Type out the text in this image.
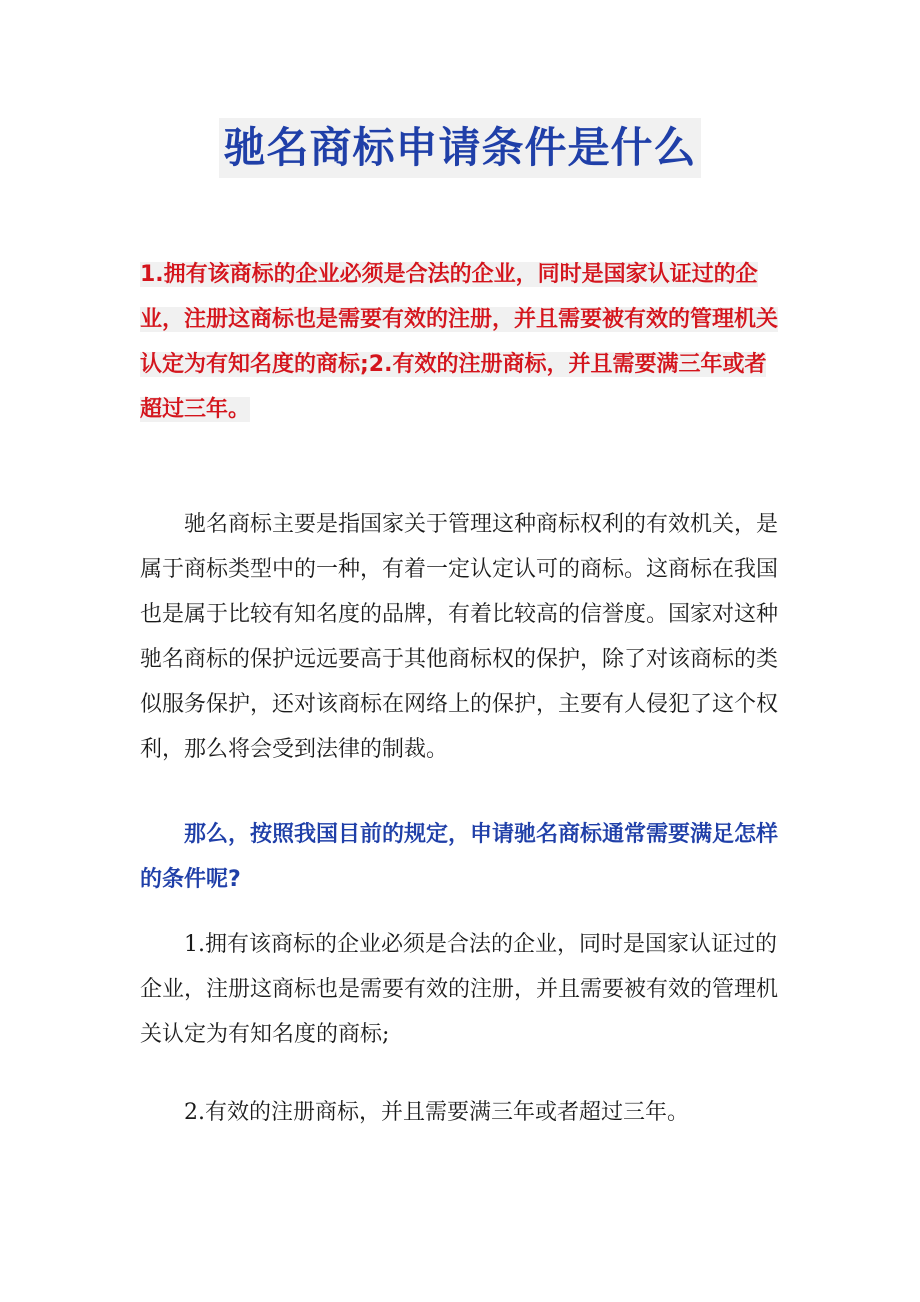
驰名商标申请条件是什么

1.拥有该商标的企业必须是合法的企业，同时是国家认证过的企业，注册这商标也是需要有效的注册，并且需要被有效的管理机关认定为有知名度的商标;2.有效的注册商标，并且需要满三年或者超过三年。

驰名商标主要是指国家关于管理这种商标权利的有效机关，是属于商标类型中的一种，有着一定认定认可的商标。这商标在我国也是属于比较有知名度的品牌，有着比较高的信誉度。国家对这种驰名商标的保护远远要高于其他商标权的保护，除了对该商标的类似服务保护，还对该商标在网络上的保护，主要有人侵犯了这个权利，那么将会受到法律的制裁。

那么，按照我国目前的规定，申请驰名商标通常需要满足怎样的条件呢?

1.拥有该商标的企业必须是合法的企业，同时是国家认证过的企业，注册这商标也是需要有效的注册，并且需要被有效的管理机关认定为有知名度的商标;

2.有效的注册商标，并且需要满三年或者超过三年。
